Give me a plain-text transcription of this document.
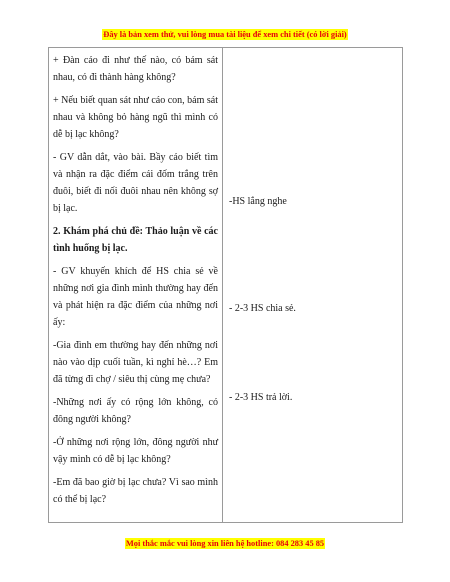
Đây là bản xem thử, vui lòng mua tài liệu để xem chi tiết (có lời giải)

+ Đàn cáo đi như thế nào, có bám sát nhau, có đi thành hàng không?

+ Nếu biết quan sát như cáo con, bám sát nhau và không bỏ hàng ngũ thì mình có dễ bị lạc không?

- GV dẫn dắt, vào bài. Bầy cáo biết tìm và nhận ra đặc điểm cái đốm trắng trên đuôi, biết đi nối đuôi nhau nên không sợ bị lạc.

2. Khám phá chủ đề: Thảo luận về các tình huống bị lạc.

- GV khuyến khích để HS chia sẻ về những nơi gia đình mình thường hay đến và phát hiện ra đặc điểm của những nơi ấy:

-Gia đình em thường hay đến những nơi nào vào dịp cuối tuần, kì nghỉ hè…? Em đã từng đi chợ / siêu thị cùng mẹ chưa?

-Những nơi ấy có rộng lớn không, có đông người không?

-Ở những nơi rộng lớn, đông người như vậy mình có dễ bị lạc không?

-Em đã bao giờ bị lạc chưa? Vì sao mình có thể bị lạc?

-HS lắng nghe
- 2-3 HS chia sẻ.
- 2-3 HS trả lời.
Mọi thắc mắc vui lòng xin liên hệ hotline: 084 283 45 85
